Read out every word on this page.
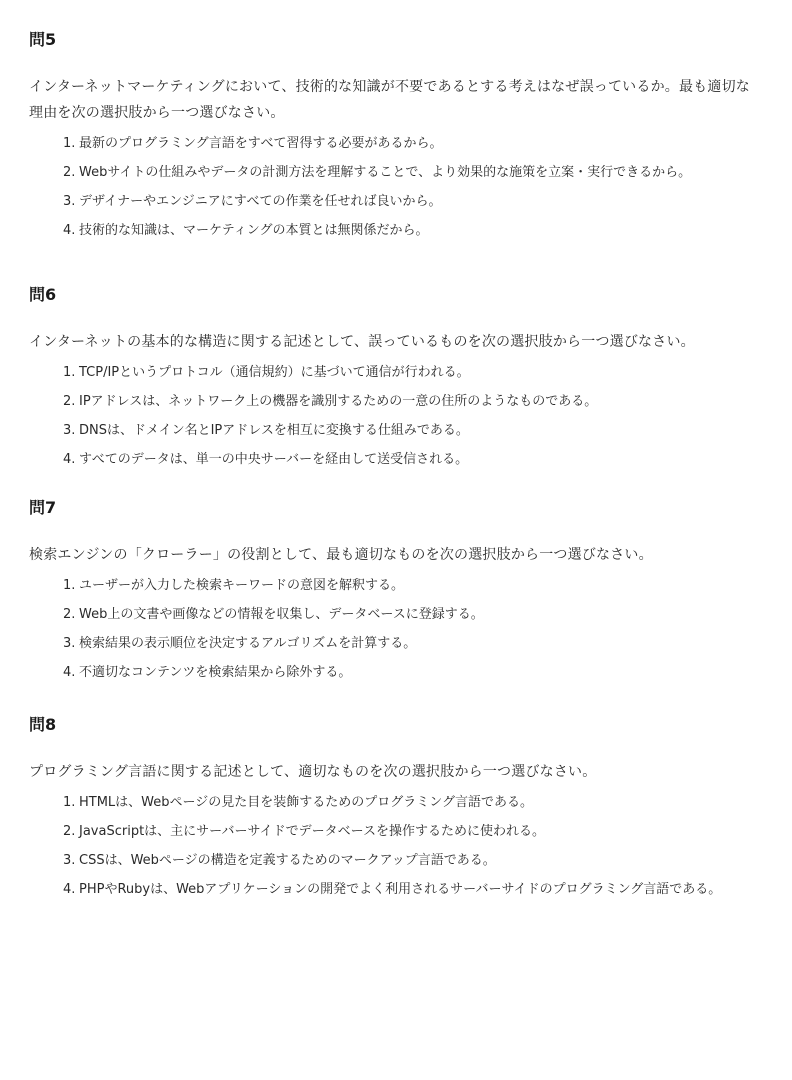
問5

インターネットマーケティングにおいて、技術的な知識が不要であるとする考えはなぜ誤っているか。最も適切な理由を次の選択肢から一つ選びなさい。

1. 最新のプログラミング言語をすべて習得する必要があるから。
2. Webサイトの仕組みやデータの計測方法を理解することで、より効果的な施策を立案・実行できるから。
3. デザイナーやエンジニアにすべての作業を任せれば良いから。
4. 技術的な知識は、マーケティングの本質とは無関係だから。
問6

インターネットの基本的な構造に関する記述として、誤っているものを次の選択肢から一つ選びなさい。

1. TCP/IPというプロトコル（通信規約）に基づいて通信が行われる。
2. IPアドレスは、ネットワーク上の機器を識別するための一意の住所のようなものである。
3. DNSは、ドメイン名とIPアドレスを相互に変換する仕組みである。
4. すべてのデータは、単一の中央サーバーを経由して送受信される。
問7

検索エンジンの「クローラー」の役割として、最も適切なものを次の選択肢から一つ選びなさい。

1. ユーザーが入力した検索キーワードの意図を解釈する。
2. Web上の文書や画像などの情報を収集し、データベースに登録する。
3. 検索結果の表示順位を決定するアルゴリズムを計算する。
4. 不適切なコンテンツを検索結果から除外する。
問8

プログラミング言語に関する記述として、適切なものを次の選択肢から一つ選びなさい。

1. HTMLは、Webページの見た目を装飾するためのプログラミング言語である。
2. JavaScriptは、主にサーバーサイドでデータベースを操作するために使われる。
3. CSSは、Webページの構造を定義するためのマークアップ言語である。
4. PHPやRubyは、Webアプリケーションの開発でよく利用されるサーバーサイドのプログラミング言語である。
